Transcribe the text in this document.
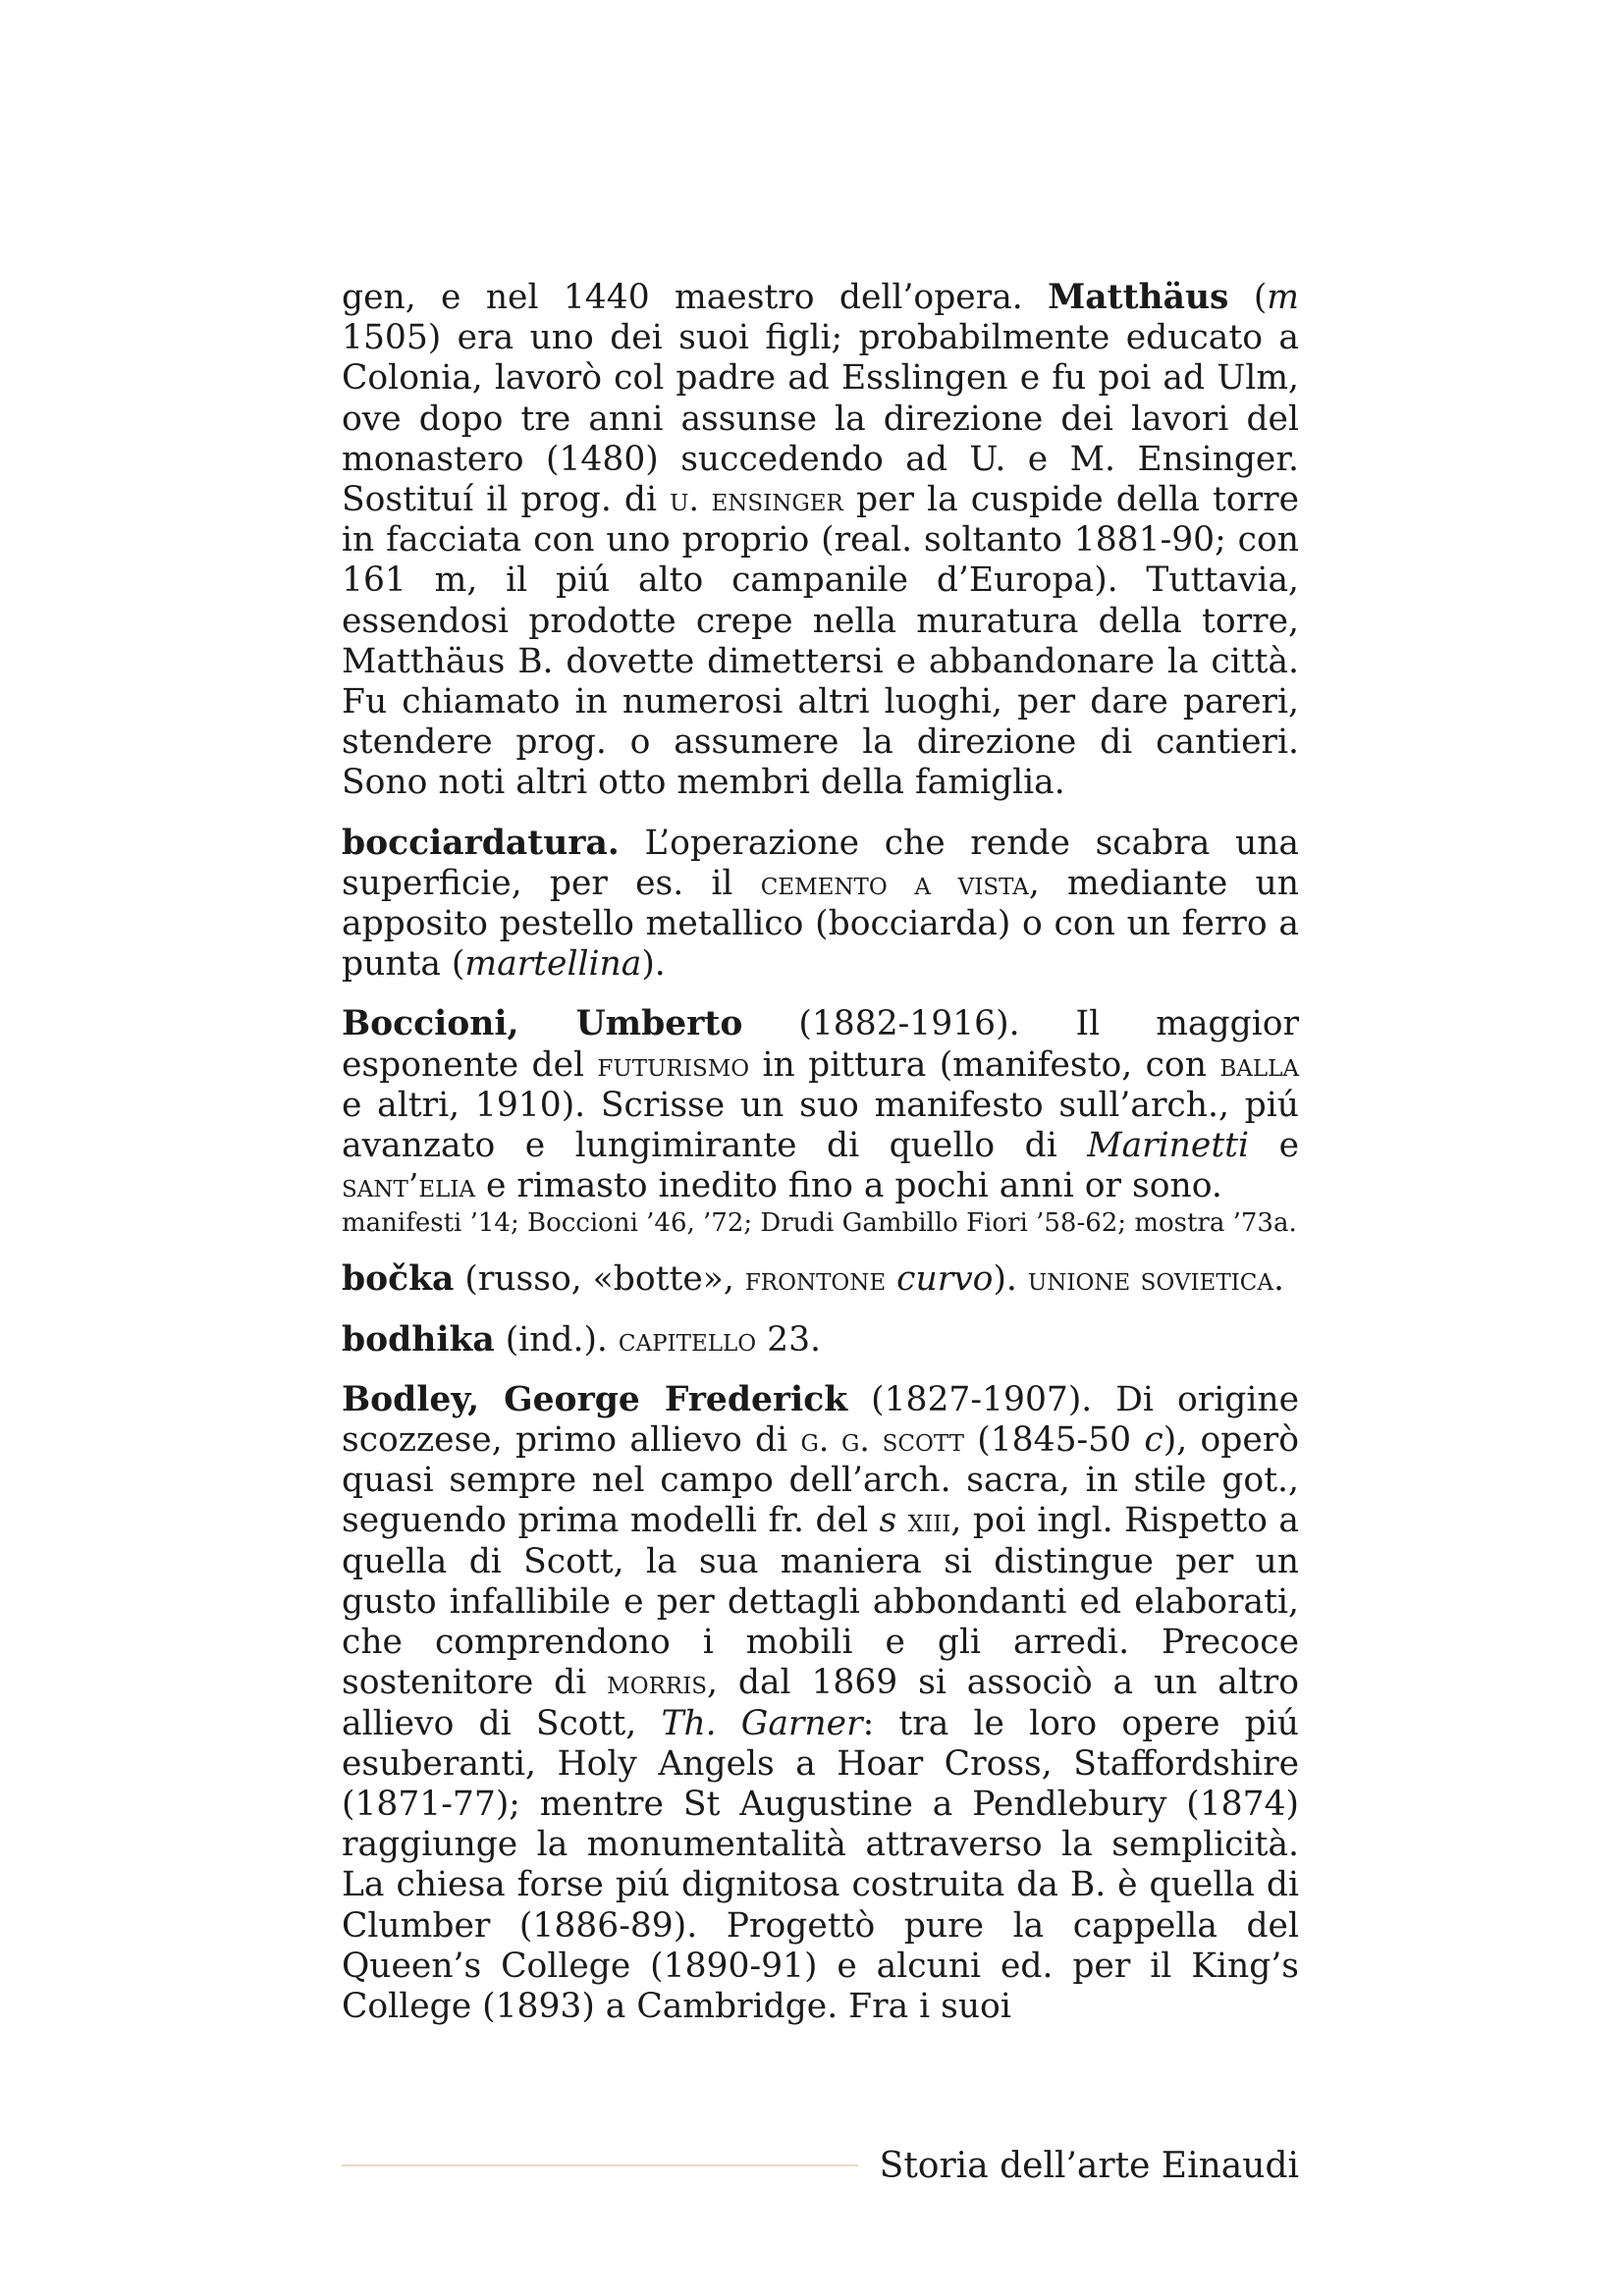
gen, e nel 1440 maestro dell’opera. Matthäus (m 1505) era uno dei suoi figli; probabilmente educato a Colonia, lavorò col padre ad Esslingen e fu poi ad Ulm, ove dopo tre anni assunse la direzione dei lavori del monastero (1480) succedendo ad U. e M. Ensinger. Sostituí il prog. di u. ensinger per la cuspide della torre in facciata con uno proprio (real. soltanto 1881-90; con 161 m, il piú alto campanile d’Europa). Tuttavia, essendosi prodotte crepe nella muratura della torre, Matthäus B. dovette dimettersi e abbandonare la città. Fu chiamato in numerosi altri luoghi, per dare pareri, stendere prog. o assumere la direzione di cantieri. Sono noti altri otto membri della famiglia.

bocciardatura. L’operazione che rende scabra una superficie, per es. il cemento a vista, mediante un apposito pestello metallico (bocciarda) o con un ferro a punta (martellina).

Boccioni, Umberto (1882-1916). Il maggior esponente del futurismo in pittura (manifesto, con balla e altri, 1910). Scrisse un suo manifesto sull’arch., piú avanzato e lungimirante di quello di Marinetti e sant’elia e rimasto inedito fino a pochi anni or sono.

manifesti ’14; Boccioni ’46, ’72; Drudi Gambillo Fiori ’58-62; mostra ’73a.

bočka (russo, «botte», frontone curvo). unione sovietica.

bodhika (ind.). capitello 23.

Bodley, George Frederick (1827-1907). Di origine scozzese, primo allievo di g. g. scott (1845-50 c), operò quasi sempre nel campo dell’arch. sacra, in stile got., seguendo prima modelli fr. del s xiii, poi ingl. Rispetto a quella di Scott, la sua maniera si distingue per un gusto infallibile e per dettagli abbondanti ed elaborati, che comprendono i mobili e gli arredi. Precoce sostenitore di morris, dal 1869 si associò a un altro allievo di Scott, Th. Garner: tra le loro opere piú esuberanti, Holy Angels a Hoar Cross, Staffordshire (1871-77); mentre St Augustine a Pendlebury (1874) raggiunge la monumentalità attraverso la semplicità. La chiesa forse piú dignitosa costruita da B. è quella di Clumber (1886-89). Progettò pure la cappella del Queen’s College (1890-91) e alcuni ed. per il King’s College (1893) a Cambridge. Fra i suoi

Storia dell’arte Einaudi
